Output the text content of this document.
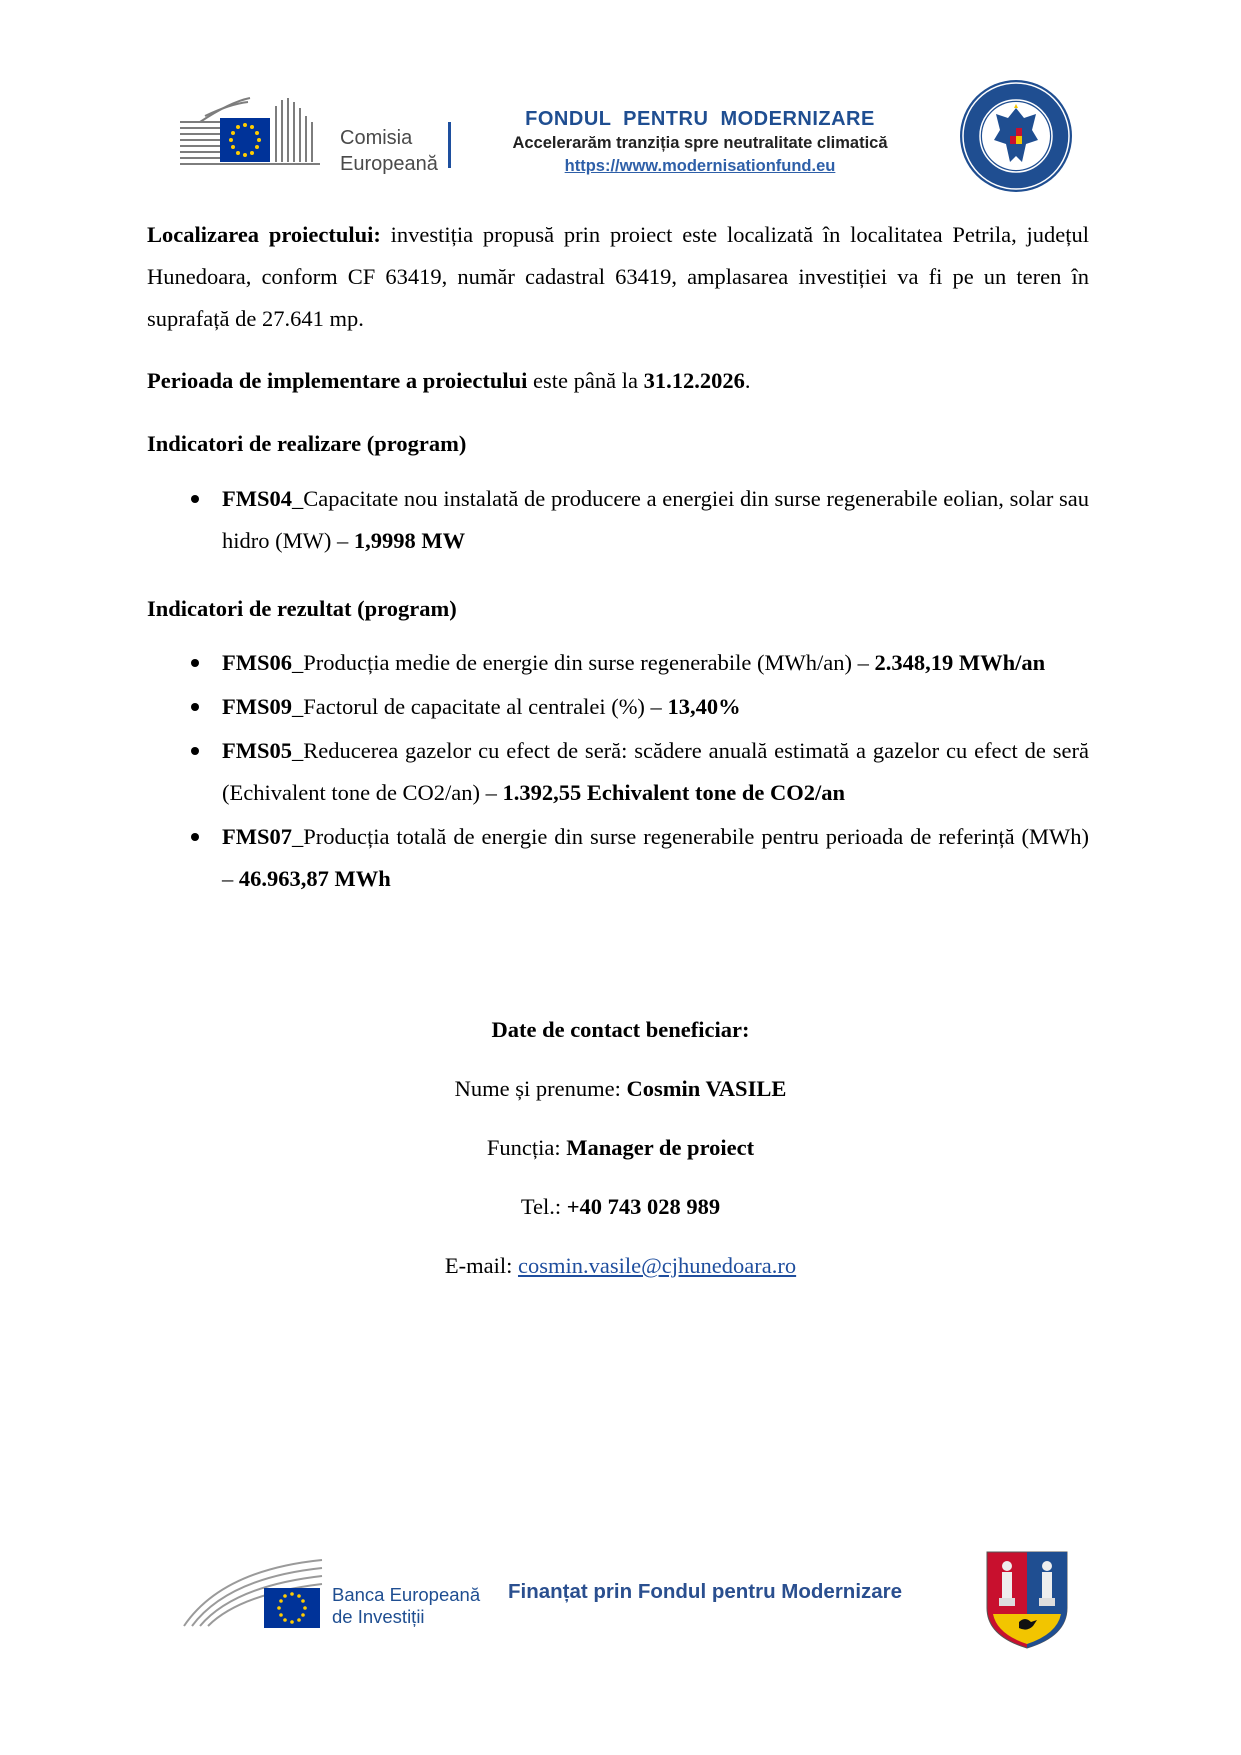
Comisia
Europeană
FONDUL PENTRU MODERNIZARE
Accelerarăm tranziția spre neutralitate climatică
https://www.modernisationfund.eu

Localizarea proiectului: investiția propusă prin proiect este localizată în localitatea Petrila, județul Hunedoara, conform CF 63419, număr cadastral 63419, amplasarea investiției va fi pe un teren în suprafață de 27.641 mp.

Perioada de implementare a proiectului este până la 31.12.2026.

Indicatori de realizare (program)
FMS04_Capacitate nou instalată de producere a energiei din surse regenerabile eolian, solar sau hidro (MW) – 1,9998 MW
Indicatori de rezultat (program)
FMS06_Producția medie de energie din surse regenerabile (MWh/an) – 2.348,19 MWh/an
FMS09_Factorul de capacitate al centralei (%) – 13,40%
FMS05_Reducerea gazelor cu efect de seră: scădere anuală estimată a gazelor cu efect de seră (Echivalent tone de CO2/an) – 1.392,55 Echivalent tone de CO2/an
FMS07_Producția totală de energie din surse regenerabile pentru perioada de referință (MWh) – 46.963,87 MWh
Date de contact beneficiar:
Nume și prenume: Cosmin VASILE
Funcția: Manager de proiect
Tel.: +40 743 028 989
E-mail: cosmin.vasile@cjhunedoara.ro
Banca Europeană
de Investiții
Finanțat prin Fondul pentru Modernizare
